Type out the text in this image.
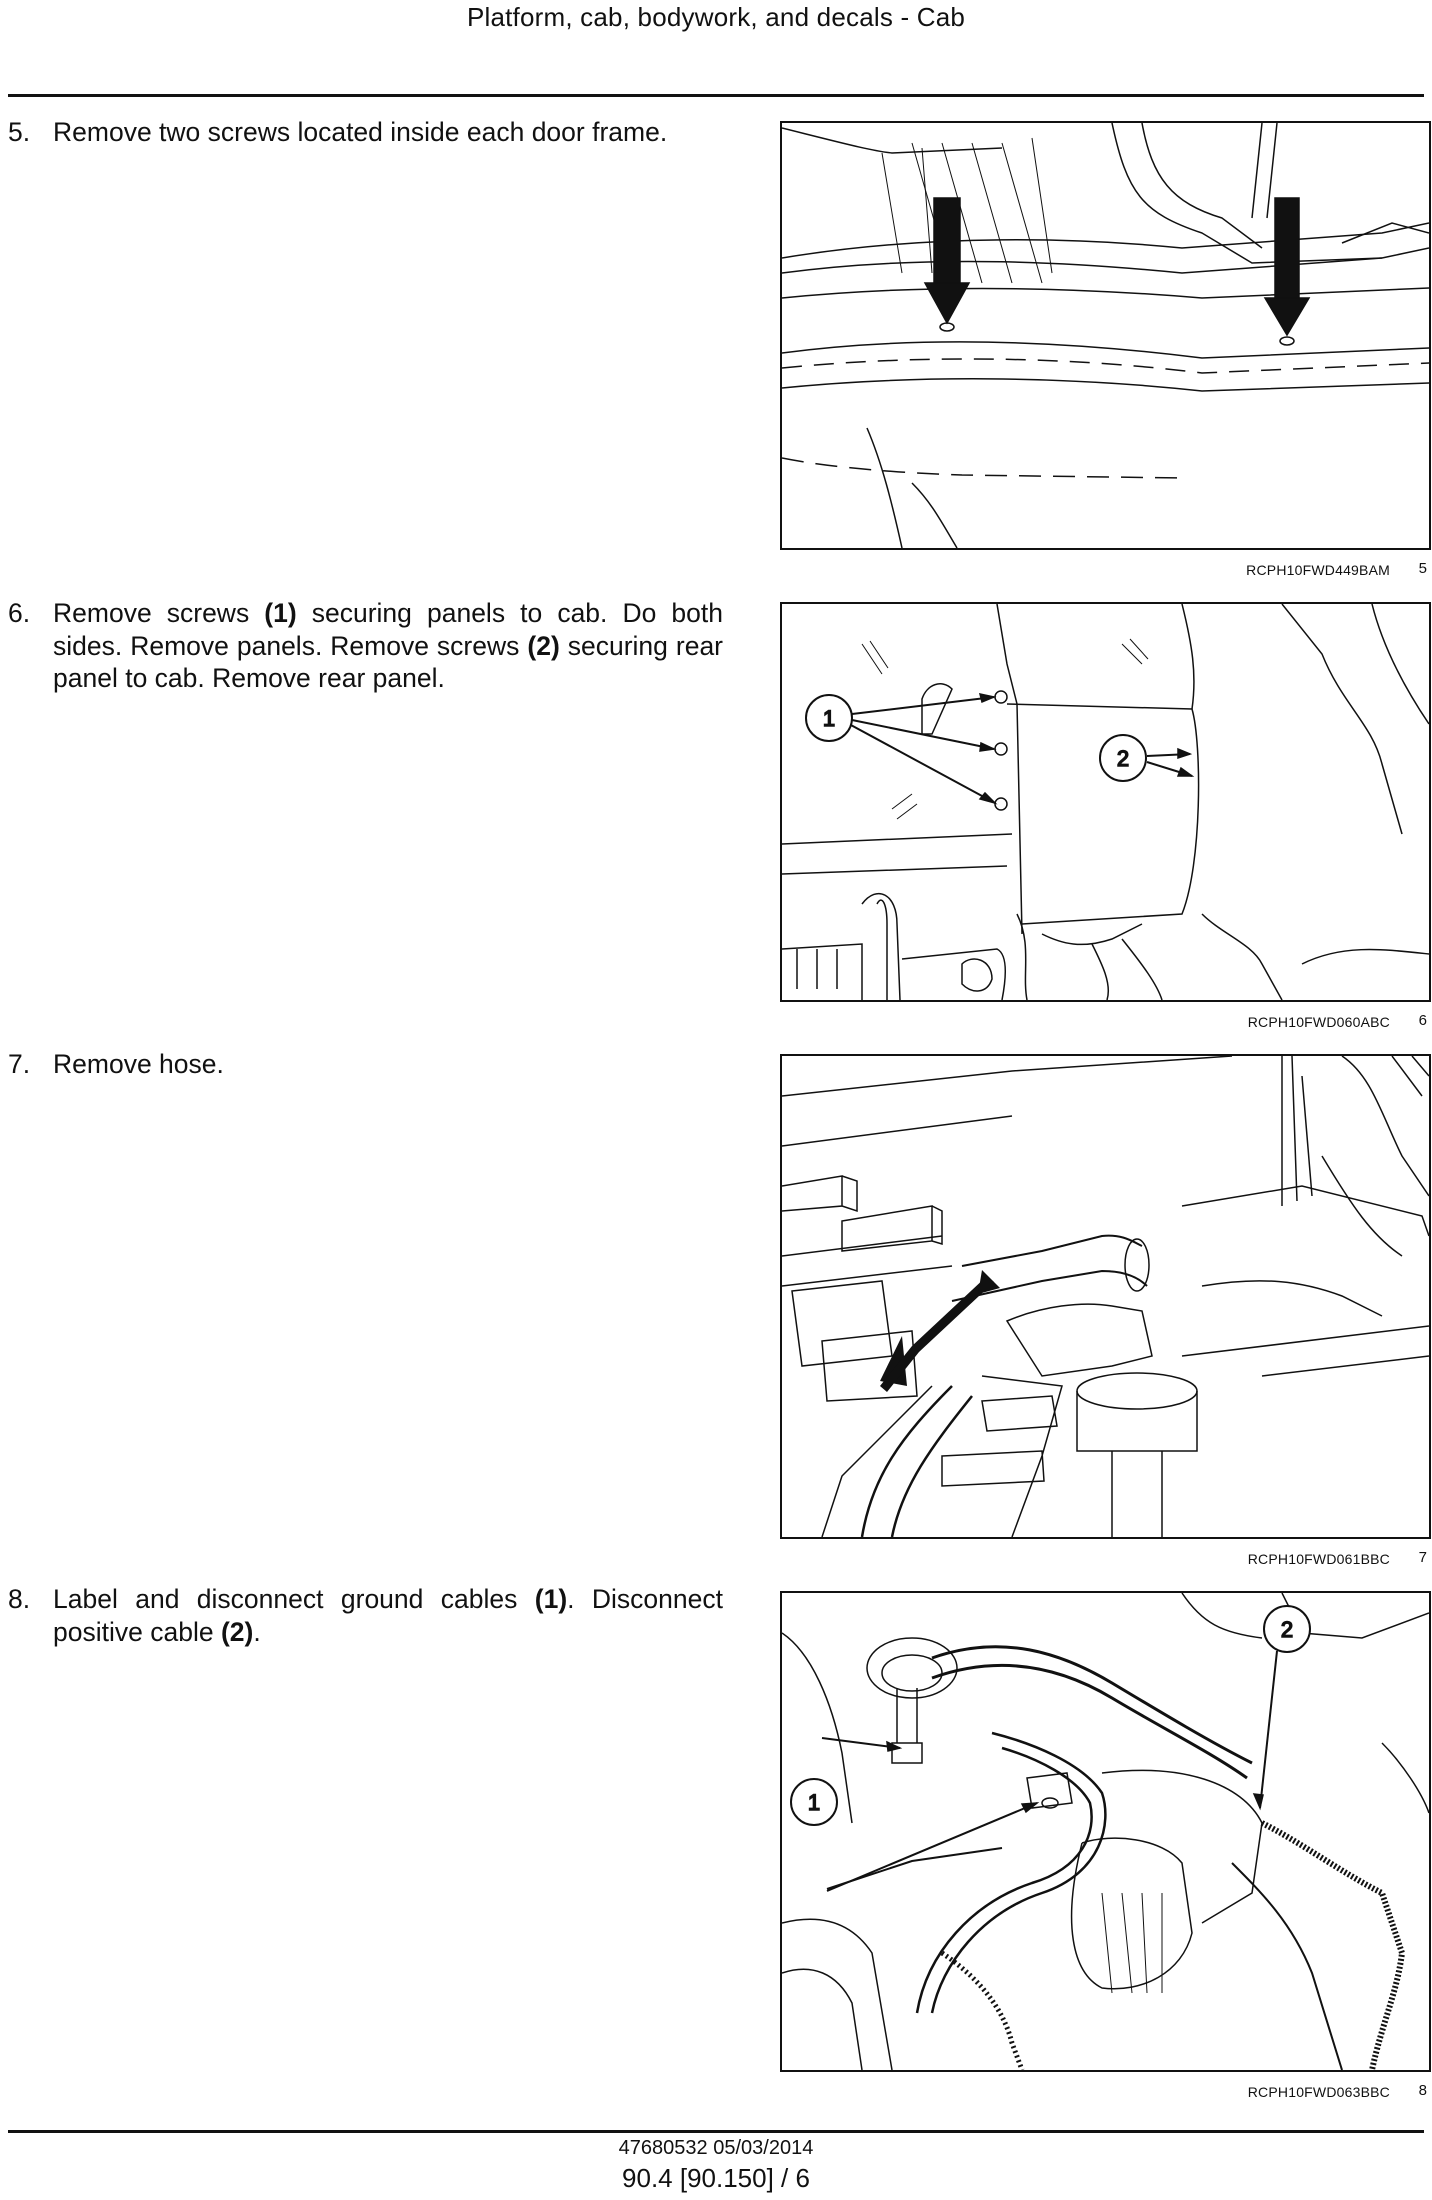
Platform, cab, bodywork, and decals - Cab
5. Remove two screws located inside each door frame.
RCPH10FWD449BAM	5
6. Remove screws (1) securing panels to cab. Do both sides. Remove panels. Remove screws (2) securing rear panel to cab. Remove rear panel.
1
2
RCPH10FWD060ABC	6
7. Remove hose.
RCPH10FWD061BBC	7
8. Label and disconnect ground cables (1). Disconnect positive cable (2).	2
1
RCPH10FWD063BBC	8
47680532 05/03/2014
90.4 [90.150] / 6
